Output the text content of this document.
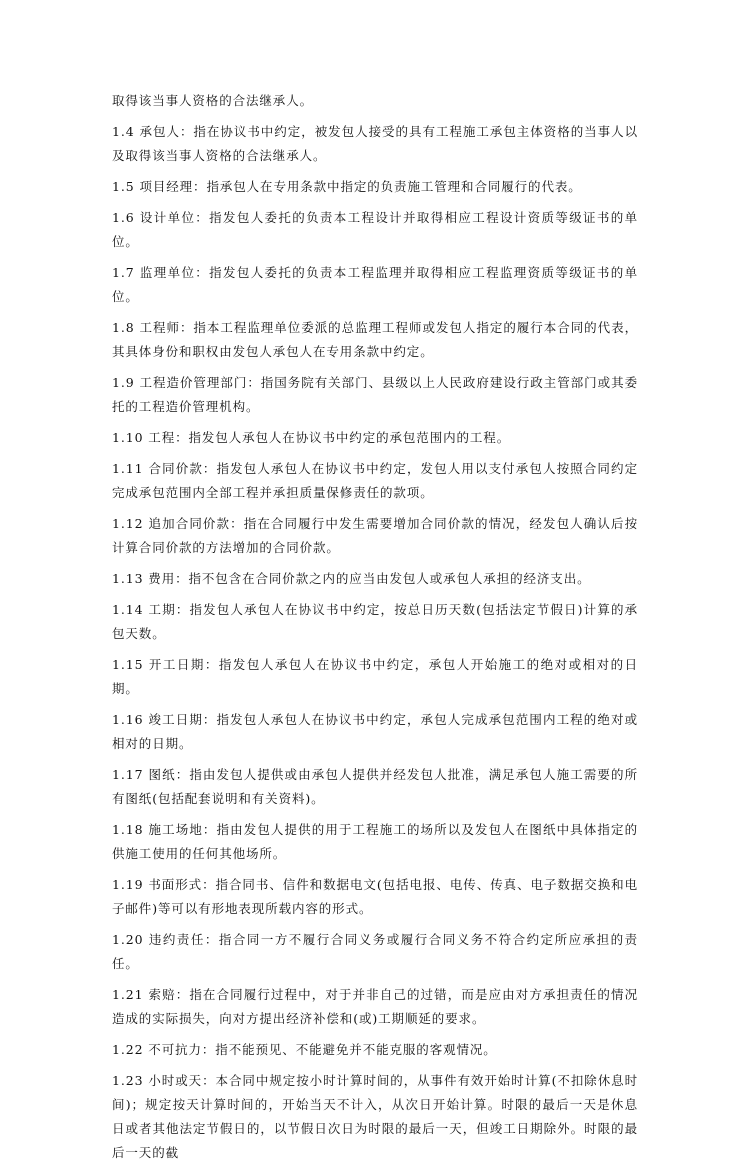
取得该当事人资格的合法继承人。

1.4 承包人：指在协议书中约定，被发包人接受的具有工程施工承包主体资格的当事人以及取得该当事人资格的合法继承人。

1.5 项目经理：指承包人在专用条款中指定的负责施工管理和合同履行的代表。

1.6 设计单位：指发包人委托的负责本工程设计并取得相应工程设计资质等级证书的单位。

1.7 监理单位：指发包人委托的负责本工程监理并取得相应工程监理资质等级证书的单位。

1.8 工程师：指本工程监理单位委派的总监理工程师或发包人指定的履行本合同的代表，其具体身份和职权由发包人承包人在专用条款中约定。

1.9 工程造价管理部门：指国务院有关部门、县级以上人民政府建设行政主管部门或其委托的工程造价管理机构。

1.10 工程：指发包人承包人在协议书中约定的承包范围内的工程。

1.11 合同价款：指发包人承包人在协议书中约定，发包人用以支付承包人按照合同约定完成承包范围内全部工程并承担质量保修责任的款项。

1.12 追加合同价款：指在合同履行中发生需要增加合同价款的情况，经发包人确认后按计算合同价款的方法增加的合同价款。

1.13 费用：指不包含在合同价款之内的应当由发包人或承包人承担的经济支出。

1.14 工期：指发包人承包人在协议书中约定，按总日历天数(包括法定节假日)计算的承包天数。

1.15 开工日期：指发包人承包人在协议书中约定，承包人开始施工的绝对或相对的日期。

1.16 竣工日期：指发包人承包人在协议书中约定，承包人完成承包范围内工程的绝对或相对的日期。

1.17 图纸：指由发包人提供或由承包人提供并经发包人批准，满足承包人施工需要的所有图纸(包括配套说明和有关资料)。

1.18 施工场地：指由发包人提供的用于工程施工的场所以及发包人在图纸中具体指定的供施工使用的任何其他场所。

1.19 书面形式：指合同书、信件和数据电文(包括电报、电传、传真、电子数据交换和电子邮件)等可以有形地表现所载内容的形式。

1.20 违约责任：指合同一方不履行合同义务或履行合同义务不符合约定所应承担的责任。

1.21 索赔：指在合同履行过程中，对于并非自己的过错，而是应由对方承担责任的情况造成的实际损失，向对方提出经济补偿和(或)工期顺延的要求。

1.22 不可抗力：指不能预见、不能避免并不能克服的客观情况。

1.23 小时或天：本合同中规定按小时计算时间的，从事件有效开始时计算(不扣除休息时间)；规定按天计算时间的，开始当天不计入，从次日开始计算。时限的最后一天是休息日或者其他法定节假日的，以节假日次日为时限的最后一天，但竣工日期除外。时限的最后一天的截
